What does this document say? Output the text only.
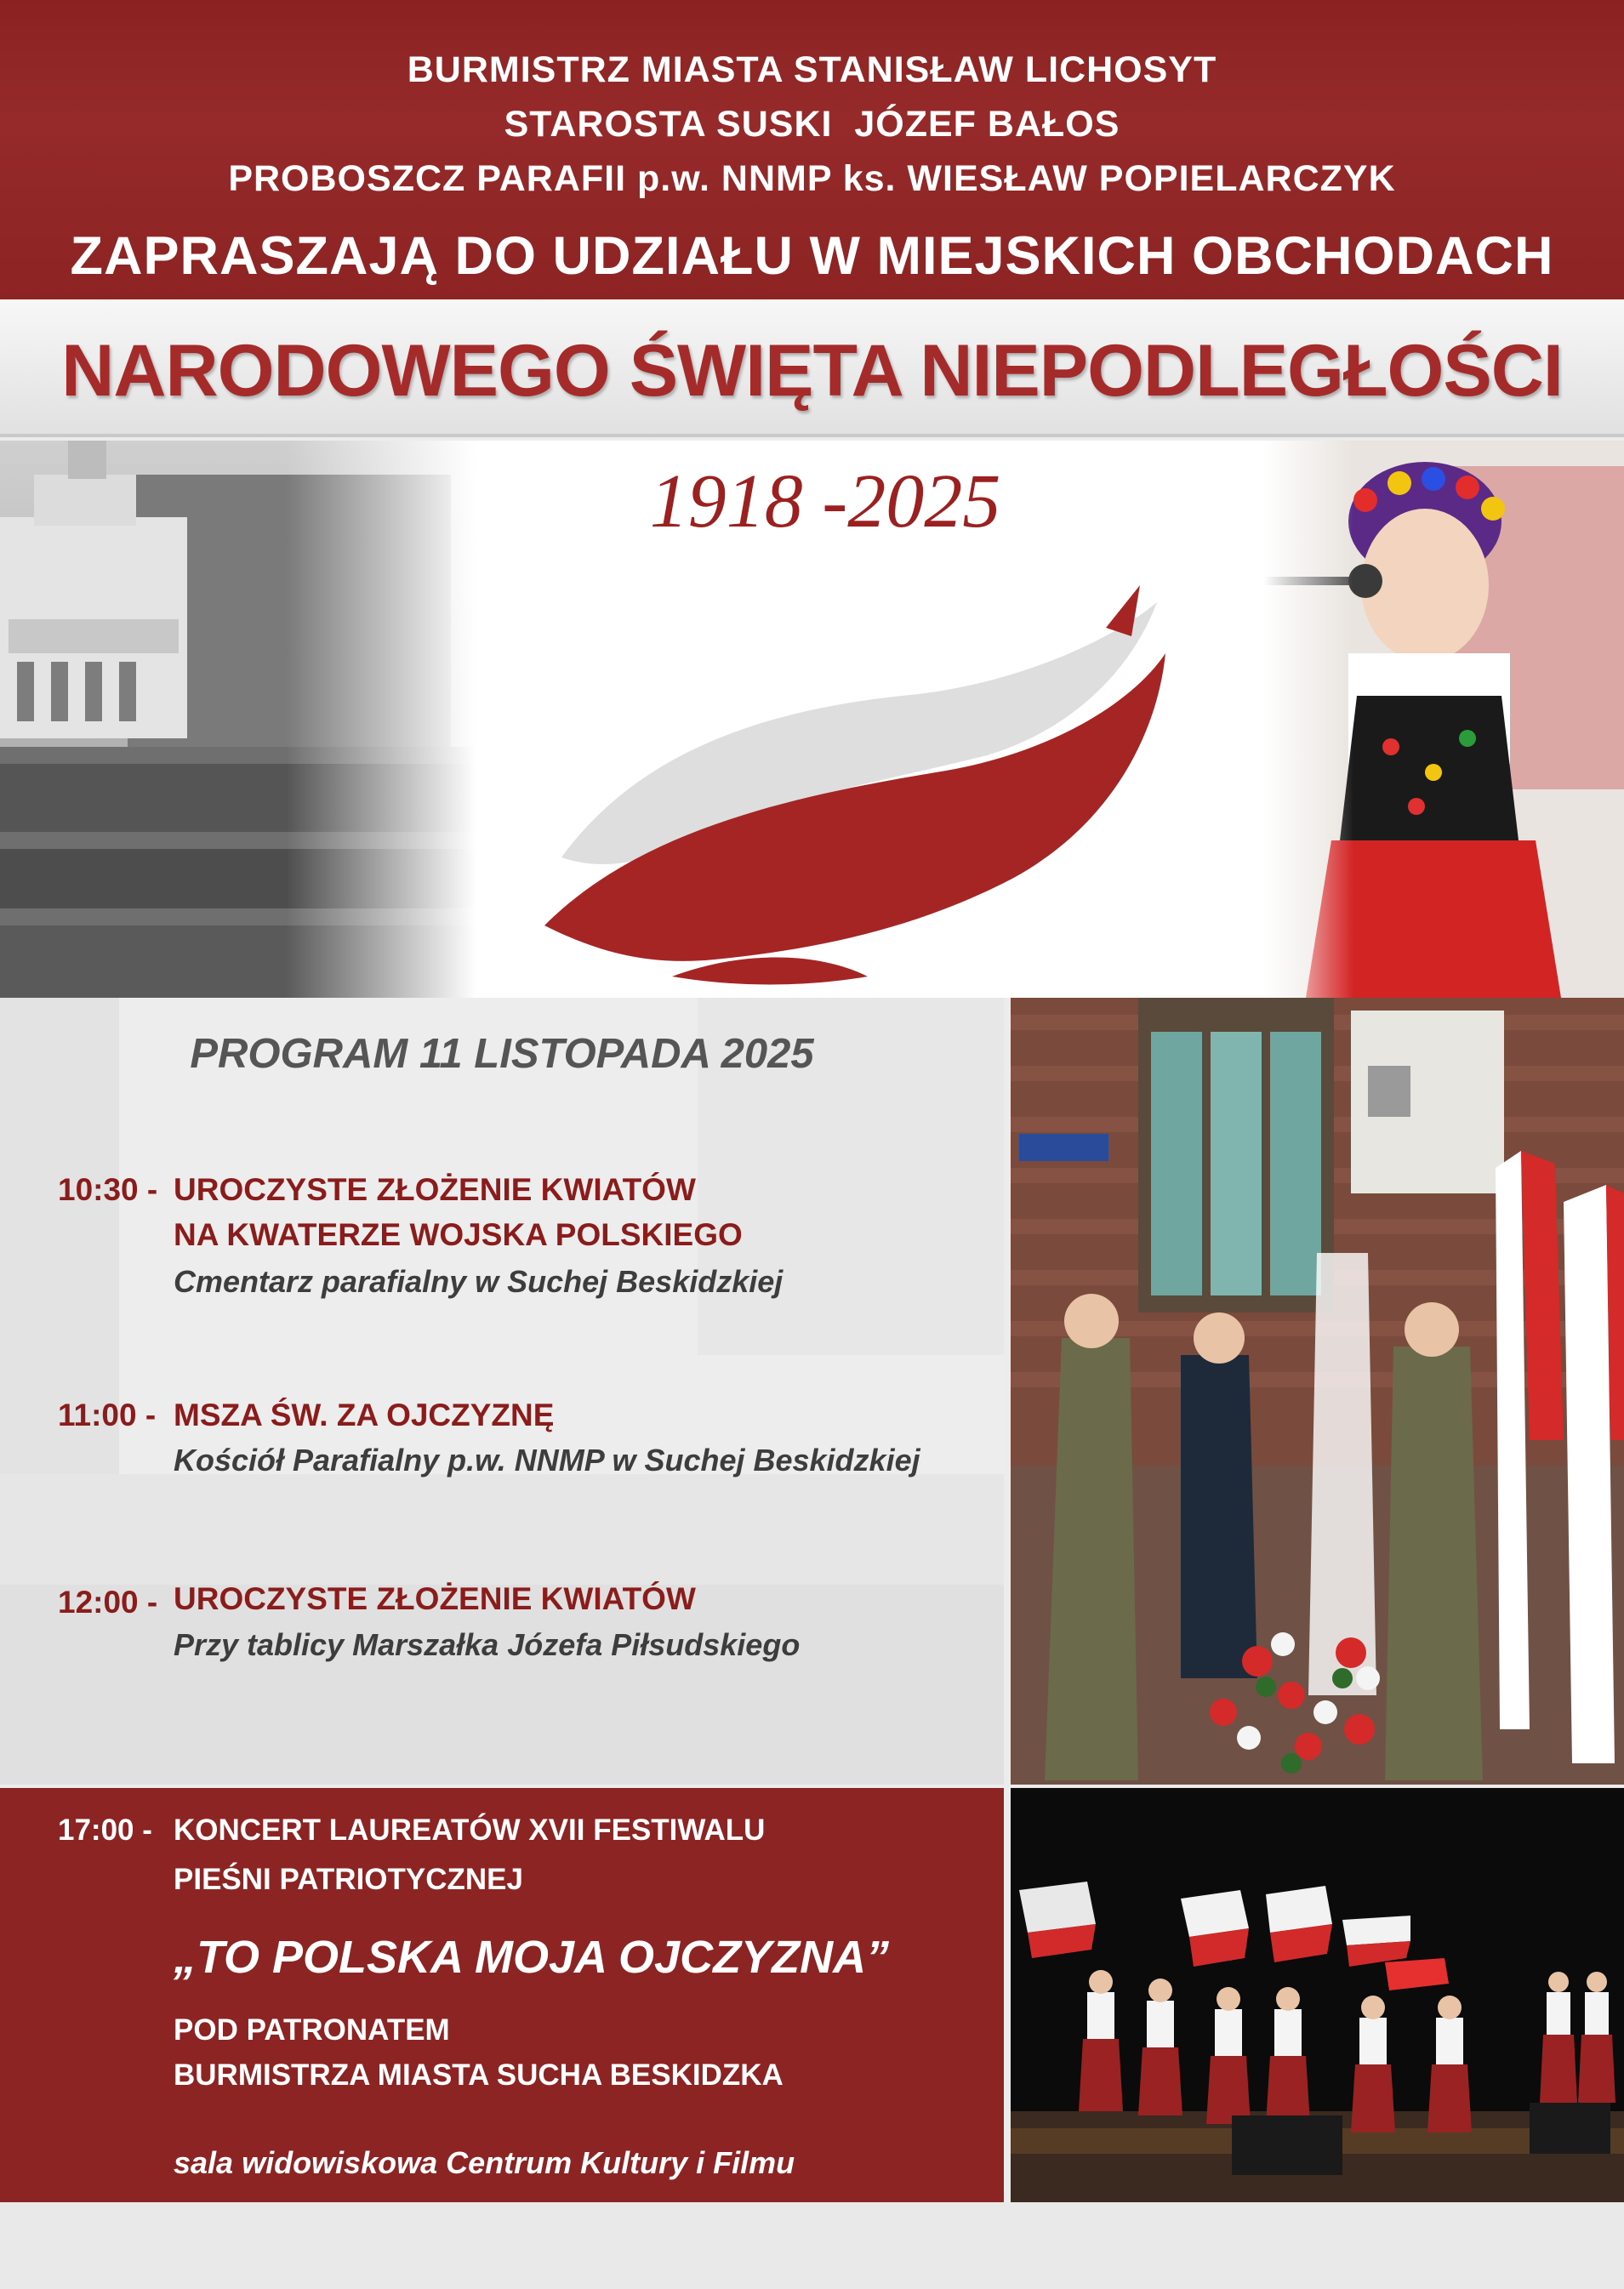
BURMISTRZ MIASTA STANISŁAW LICHOSYT
STAROSTA SUSKI  JÓZEF BAŁOS
PROBOSZCZ PARAFII p.w. NNMP ks. WIESŁAW POPIELARCZYK
ZAPRASZAJĄ DO UDZIAŁU W MIEJSKICH OBCHODACH
NARODOWEGO ŚWIĘTA NIEPODLEGŁOŚCI
1918 -2025
PROGRAM 11 LISTOPADA 2025
10:30 - UROCZYSTE ZŁOŻENIE KWIATÓW
NA KWATERZE WOJSKA POLSKIEGO
Cmentarz parafialny w Suchej Beskidzkiej
11:00 - MSZA ŚW. ZA OJCZYZNĘ
Kościół Parafialny p.w. NNMP w Suchej Beskidzkiej
12:00 - UROCZYSTE ZŁOŻENIE KWIATÓW
Przy tablicy Marszałka Józefa Piłsudskiego
17:00 - KONCERT LAUREATÓW XVII FESTIWALU
PIEŚNI PATRIOTYCZNEJ
„TO POLSKA MOJA OJCZYZNA”
POD PATRONATEM
BURMISTRZA MIASTA SUCHA BESKIDZKA
sala widowiskowa Centrum Kultury i Filmu
